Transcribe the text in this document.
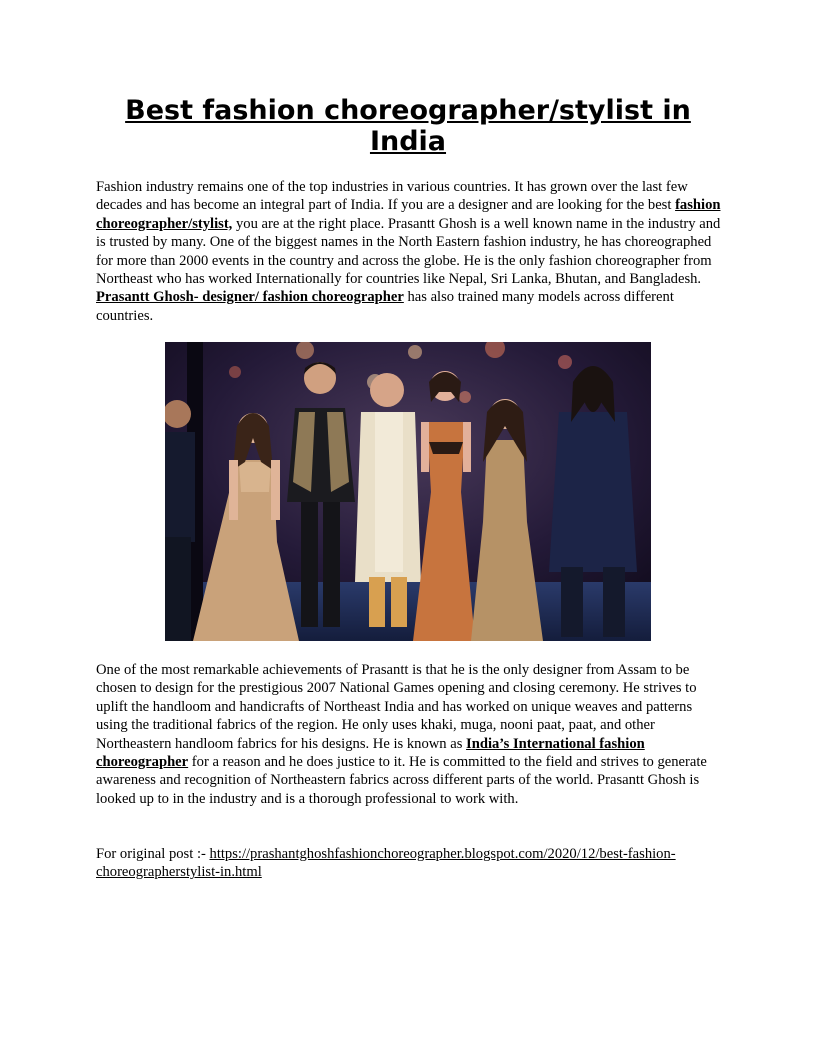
Best fashion choreographer/stylist in India

Fashion industry remains one of the top industries in various countries. It has grown over the last few decades and has become an integral part of India. If you are a designer and are looking for the best fashion choreographer/stylist, you are at the right place. Prasantt Ghosh is a well known name in the industry and is trusted by many. One of the biggest names in the North Eastern fashion industry, he has choreographed for more than 2000 events in the country and across the globe. He is the only fashion choreographer from Northeast who has worked Internationally for countries like Nepal, Sri Lanka, Bhutan, and Bangladesh. Prasantt Ghosh- designer/ fashion choreographer has also trained many models across different countries.

One of the most remarkable achievements of Prasantt is that he is the only designer from Assam to be chosen to design for the prestigious 2007 National Games opening and closing ceremony. He strives to uplift the handloom and handicrafts of Northeast India and has worked on unique weaves and patterns using the traditional fabrics of the region. He only uses khaki, muga, nooni paat, paat, and other Northeastern handloom fabrics for his designs. He is known as India’s International fashion choreographer for a reason and he does justice to it. He is committed to the field and strives to generate awareness and recognition of Northeastern fabrics across different parts of the world. Prasantt Ghosh is looked up to in the industry and is a thorough professional to work with.

For original post :- https://prashantghoshfashionchoreographer.blogspot.com/2020/12/best-fashion-choreographerstylist-in.html
